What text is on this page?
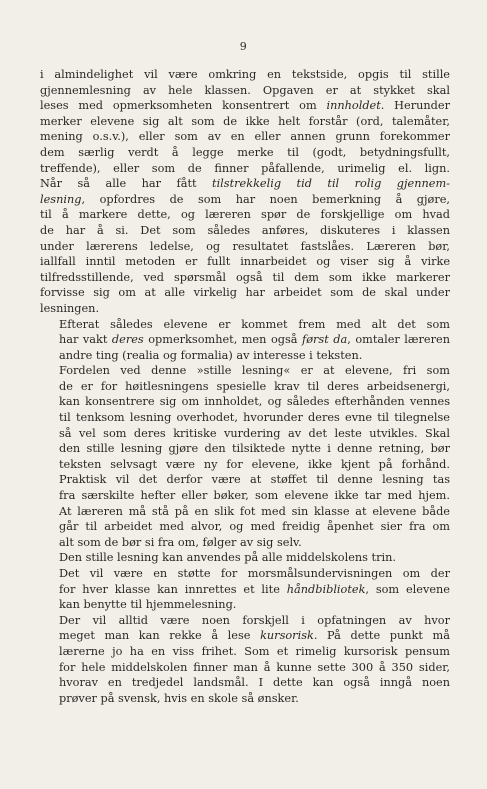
9

i almindelighet vil være omkring en tekstside, opgis til stille
gjennemlesning av hele klassen. Opgaven er at stykket skal
leses med opmerksomheten konsentrert om innholdet. Herunder
merker elevene sig alt som de ikke helt forstår (ord, talemåter,
mening o.s.v.), eller som av en eller annen grunn forekommer
dem særlig verdt å legge merke til (godt, betydningsfullt,
treffende), eller som de finner påfallende, urimelig el. lign.
Når så alle har fått tilstrekkelig tid til rolig gjennem-
lesning, opfordres de som har noen bemerkning å gjøre,
til å markere dette, og læreren spør de forskjellige om hvad
de har å si. Det som således anføres, diskuteres i klassen
under lærerens ledelse, og resultatet fastslåes. Læreren bør,
iallfall inntil metoden er fullt innarbeidet og viser sig å virke
tilfredsstillende, ved spørsmål også til dem som ikke markerer
forvisse sig om at alle virkelig har arbeidet som de skal under
lesningen.

Efterat således elevene er kommet frem med alt det som
har vakt deres opmerksomhet, men også først da, omtaler læreren
andre ting (realia og formalia) av interesse i teksten.

Fordelen ved denne »stille lesning« er at elevene, fri som
de er for høitlesningens spesielle krav til deres arbeidsenergi,
kan konsentrere sig om innholdet, og således efterhånden vennes
til tenksom lesning overhodet, hvorunder deres evne til tilegnelse
så vel som deres kritiske vurdering av det leste utvikles. Skal
den stille lesning gjøre den tilsiktede nytte i denne retning, bør
teksten selvsagt være ny for elevene, ikke kjent på forhånd.
Praktisk vil det derfor være at støffet til denne lesning tas
fra særskilte hefter eller bøker, som elevene ikke tar med hjem.
At læreren må stå på en slik fot med sin klasse at elevene både
går til arbeidet med alvor, og med freidig åpenhet sier fra om
alt som de bør si fra om, følger av sig selv.

Den stille lesning kan anvendes på alle middelskolens trin.

Det vil være en støtte for morsmålsundervisningen om der
for hver klasse kan innrettes et lite håndbibliotek, som elevene
kan benytte til hjemmelesning.

Der vil alltid være noen forskjell i opfatningen av hvor
meget man kan rekke å lese kursorisk. På dette punkt må
lærerne jo ha en viss frihet. Som et rimelig kursorisk pensum
for hele middelskolen finner man å kunne sette 300 å 350 sider,
hvorav en tredjedel landsmål. I dette kan også inngå noen
prøver på svensk, hvis en skole så ønsker.
